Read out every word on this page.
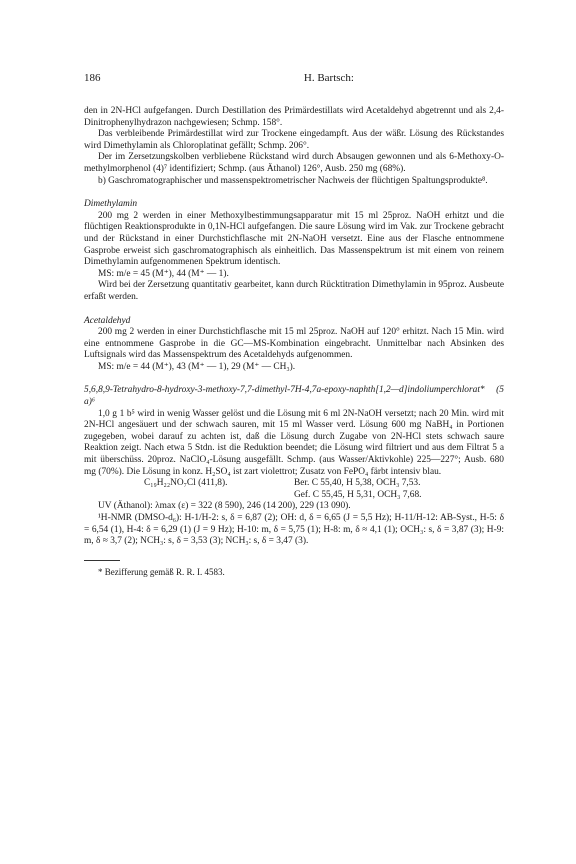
186	H. Bartsch:

den in 2N-HCl aufgefangen. Durch Destillation des Primärdestillats wird Acetaldehyd abgetrennt und als 2,4-Dinitrophenylhydrazon nachgewiesen; Schmp. 158°.

Das verbleibende Primärdestillat wird zur Trockene eingedampft. Aus der wäßr. Lösung des Rückstandes wird Dimethylamin als Chloroplatinat gefällt; Schmp. 206°.

Der im Zersetzungskolben verbliebene Rückstand wird durch Absaugen gewonnen und als 6-Methoxy-O-methylmorphenol (4)⁷ identifiziert; Schmp. (aus Äthanol) 126°, Ausb. 250 mg (68%).

b) Gaschromatographischer und massenspektrometrischer Nachweis der flüchtigen Spaltungsprodukte⁸.

Dimethylamin

200 mg 2 werden in einer Methoxylbestimmungsapparatur mit 15 ml 25proz. NaOH erhitzt und die flüchtigen Reaktionsprodukte in 0,1N-HCl aufgefangen. Die saure Lösung wird im Vak. zur Trockene gebracht und der Rückstand in einer Durchstichflasche mit 2N-NaOH versetzt. Eine aus der Flasche entnommene Gasprobe erweist sich gaschromatographisch als einheitlich. Das Massenspektrum ist mit einem von reinem Dimethylamin aufgenommenen Spektrum identisch.

MS: m/e = 45 (M⁺), 44 (M⁺ — 1).

Wird bei der Zersetzung quantitativ gearbeitet, kann durch Rücktitration Dimethylamin in 95proz. Ausbeute erfaßt werden.

Acetaldehyd

200 mg 2 werden in einer Durchstichflasche mit 15 ml 25proz. NaOH auf 120° erhitzt. Nach 15 Min. wird eine entnommene Gasprobe in die GC—MS-Kombination eingebracht. Unmittelbar nach Absinken des Luftsignals wird das Massenspektrum des Acetaldehyds aufgenommen.

MS: m/e = 44 (M⁺), 43 (M⁺ — 1), 29 (M⁺ — CH₃).

5,6,8,9-Tetrahydro-8-hydroxy-3-methoxy-7,7-dimethyl-7H-4,7a-epoxy-naphth[1,2—d]indoliumperchlorat* (5 a)⁶

1,0 g 1 b⁵ wird in wenig Wasser gelöst und die Lösung mit 6 ml 2N-NaOH versetzt; nach 20 Min. wird mit 2N-HCl angesäuert und der schwach sauren, mit 15 ml Wasser verd. Lösung 600 mg NaBH₄ in Portionen zugegeben, wobei darauf zu achten ist, daß die Lösung durch Zugabe von 2N-HCl stets schwach saure Reaktion zeigt. Nach etwa 5 Stdn. ist die Reduktion beendet; die Lösung wird filtriert und aus dem Filtrat 5 a mit überschüss. 20proz. NaClO₄-Lösung ausgefällt. Schmp. (aus Wasser/Aktivkohle) 225—227°; Ausb. 680 mg (70%). Die Lösung in konz. H₂SO₄ ist zart violettrot; Zusatz von FePO₄ färbt intensiv blau.

C₁₉H₂₂NO₇Cl (411,8).	Ber. C 55,40, H 5,38, OCH₃ 7,53.
Gef. C 55,45, H 5,31, OCH₃ 7,68.

UV (Äthanol): λmax (ε) = 322 (8 590), 246 (14 200), 229 (13 090).

¹H-NMR (DMSO-d₆): H-1/H-2: s, δ = 6,87 (2); OH: d, δ = 6,65 (J = 5,5 Hz); H-11/H-12: AB-Syst., H-5: δ = 6,54 (1), H-4: δ = 6,29 (1) (J = 9 Hz); H-10: m, δ = 5,75 (1); H-8: m, δ ≈ 4,1 (1); OCH₃: s, δ = 3,87 (3); H-9: m, δ ≈ 3,7 (2); NCH₃: s, δ = 3,53 (3); NCH₃: s, δ = 3,47 (3).

* Bezifferung gemäß R. R. I. 4583.
